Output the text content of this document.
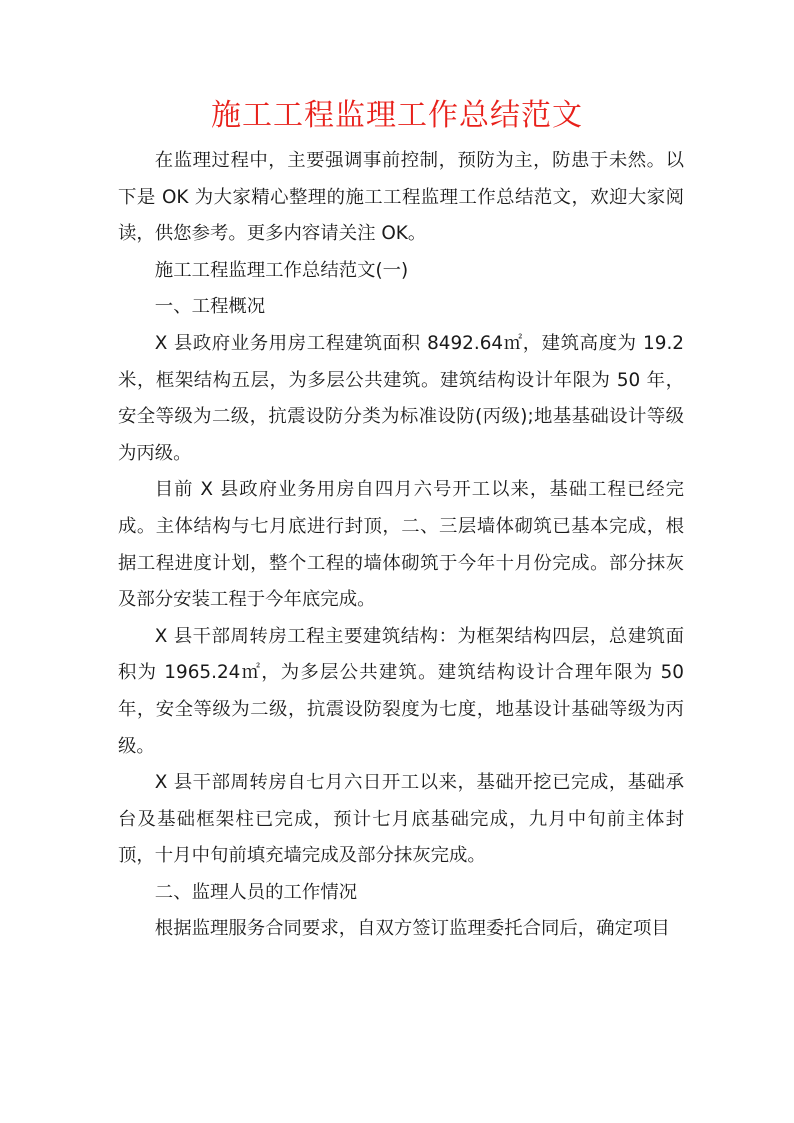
施工工程监理工作总结范文

在监理过程中，主要强调事前控制，预防为主，防患于未然。以下是 OK 为大家精心整理的施工工程监理工作总结范文，欢迎大家阅读，供您参考。更多内容请关注 OK。

施工工程监理工作总结范文(一)

一、工程概况

X 县政府业务用房工程建筑面积 8492.64㎡，建筑高度为 19.2 米，框架结构五层，为多层公共建筑。建筑结构设计年限为 50 年，安全等级为二级，抗震设防分类为标准设防(丙级);地基基础设计等级为丙级。

目前 X 县政府业务用房自四月六号开工以来，基础工程已经完成。主体结构与七月底进行封顶，二、三层墙体砌筑已基本完成，根据工程进度计划，整个工程的墙体砌筑于今年十月份完成。部分抹灰及部分安装工程于今年底完成。

X 县干部周转房工程主要建筑结构：为框架结构四层，总建筑面积为 1965.24㎡，为多层公共建筑。建筑结构设计合理年限为 50 年，安全等级为二级，抗震设防裂度为七度，地基设计基础等级为丙级。

X 县干部周转房自七月六日开工以来，基础开挖已完成，基础承台及基础框架柱已完成，预计七月底基础完成，九月中旬前主体封顶，十月中旬前填充墙完成及部分抹灰完成。

二、监理人员的工作情况

根据监理服务合同要求，自双方签订监理委托合同后，确定项目
